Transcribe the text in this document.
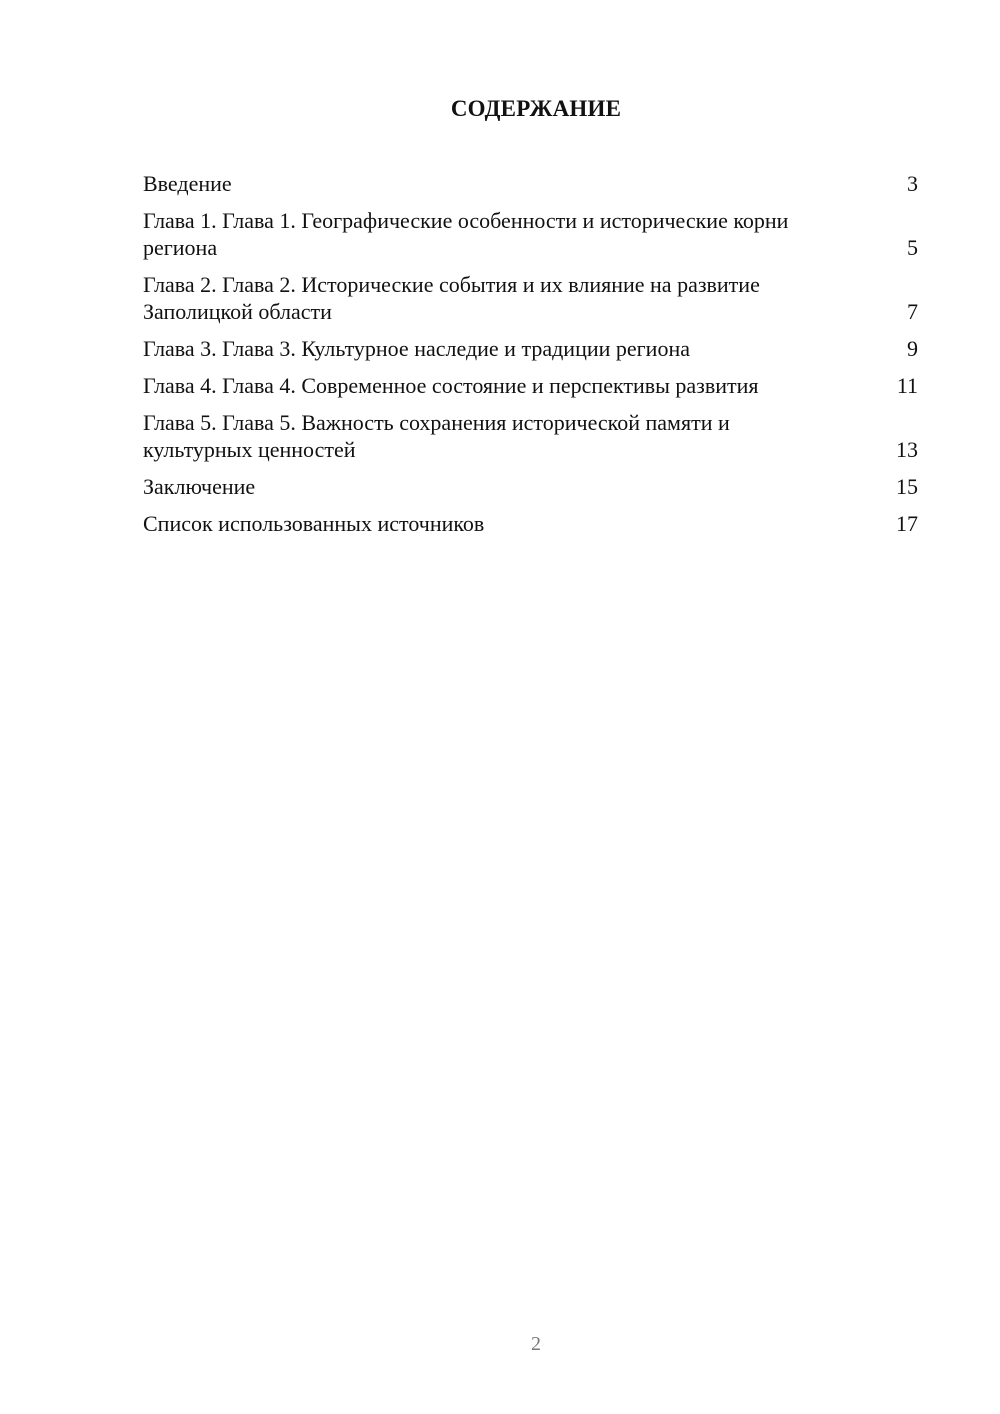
СОДЕРЖАНИЕ
Введение	3
Глава 1. Глава 1. Географические особенности и исторические корни региона	5
Глава 2. Глава 2. Исторические события и их влияние на развитие Заполицкой области	7
Глава 3. Глава 3. Культурное наследие и традиции региона	9
Глава 4. Глава 4. Современное состояние и перспективы развития	11
Глава 5. Глава 5. Важность сохранения исторической памяти и культурных ценностей	13
Заключение	15
Список использованных источников	17
2
